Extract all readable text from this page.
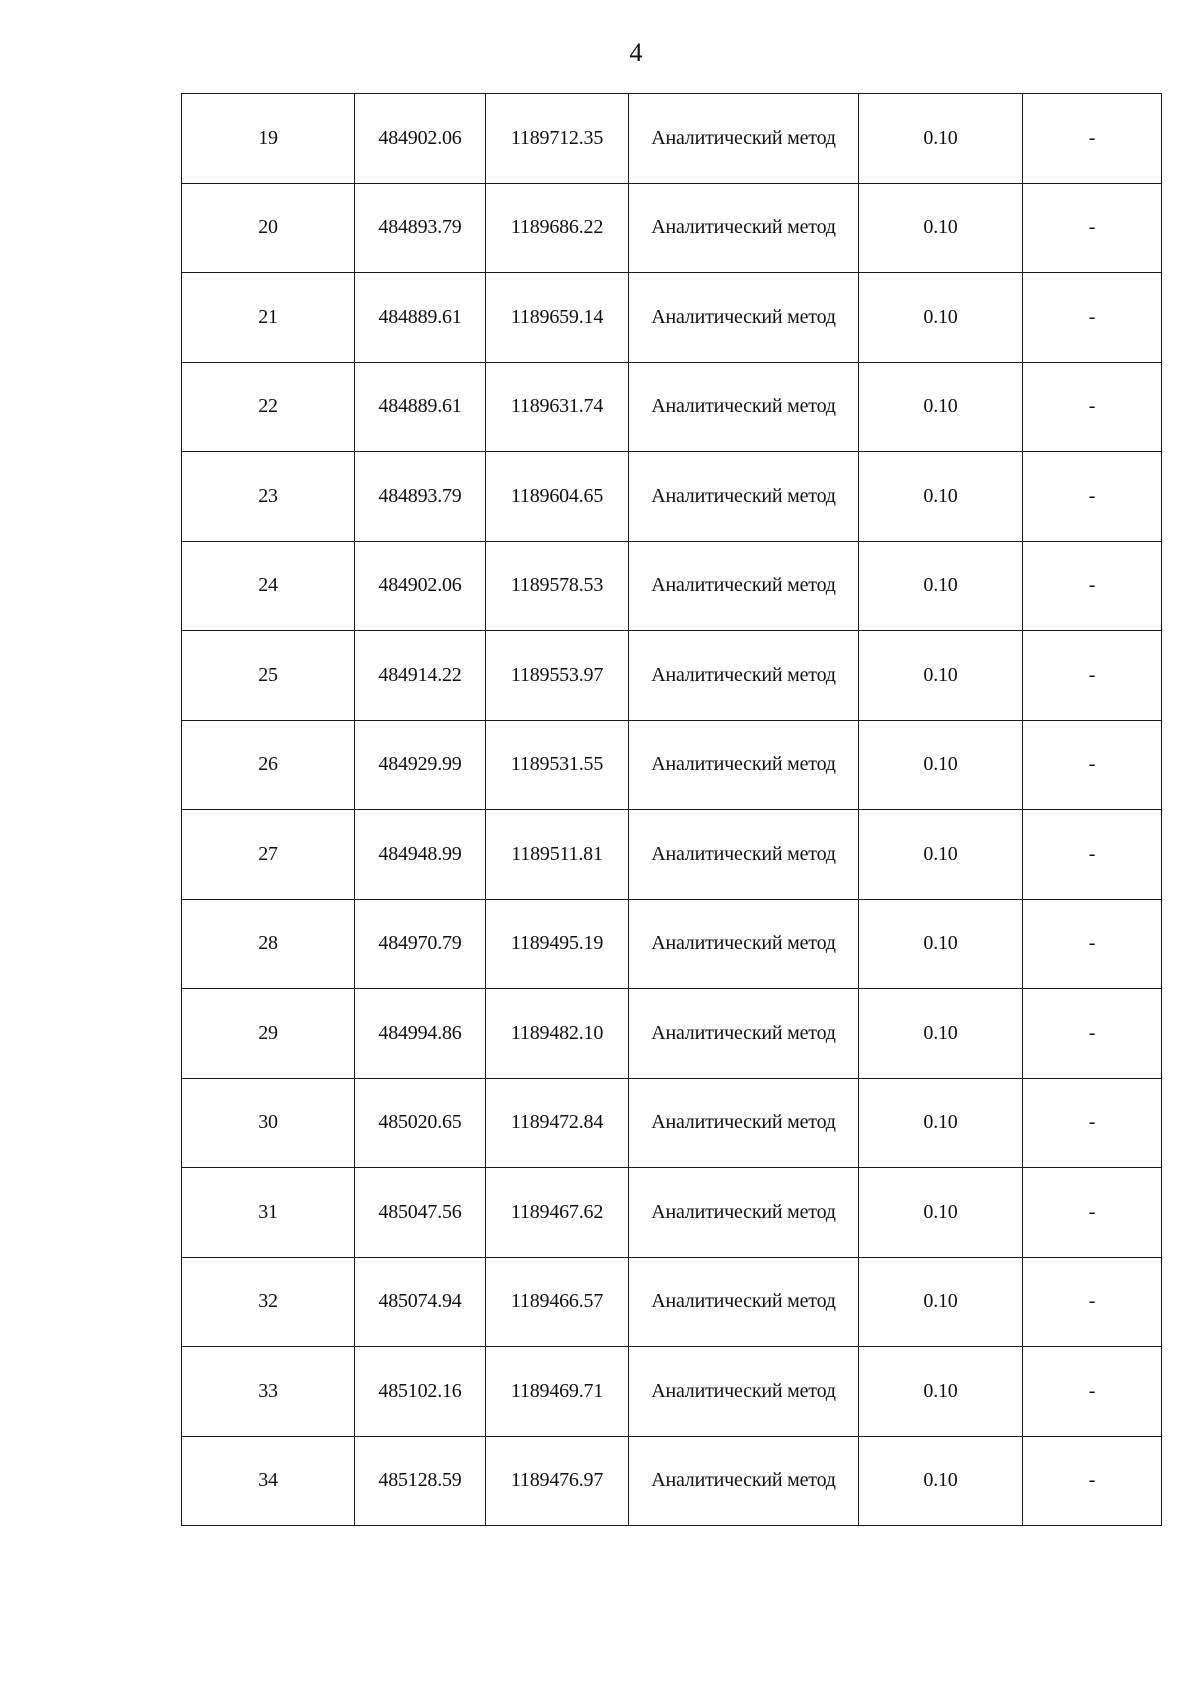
4
19	484902.06	1189712.35	Аналитический метод	0.10	-
20	484893.79	1189686.22	Аналитический метод	0.10	-
21	484889.61	1189659.14	Аналитический метод	0.10	-
22	484889.61	1189631.74	Аналитический метод	0.10	-
23	484893.79	1189604.65	Аналитический метод	0.10	-
24	484902.06	1189578.53	Аналитический метод	0.10	-
25	484914.22	1189553.97	Аналитический метод	0.10	-
26	484929.99	1189531.55	Аналитический метод	0.10	-
27	484948.99	1189511.81	Аналитический метод	0.10	-
28	484970.79	1189495.19	Аналитический метод	0.10	-
29	484994.86	1189482.10	Аналитический метод	0.10	-
30	485020.65	1189472.84	Аналитический метод	0.10	-
31	485047.56	1189467.62	Аналитический метод	0.10	-
32	485074.94	1189466.57	Аналитический метод	0.10	-
33	485102.16	1189469.71	Аналитический метод	0.10	-
34	485128.59	1189476.97	Аналитический метод	0.10	-
